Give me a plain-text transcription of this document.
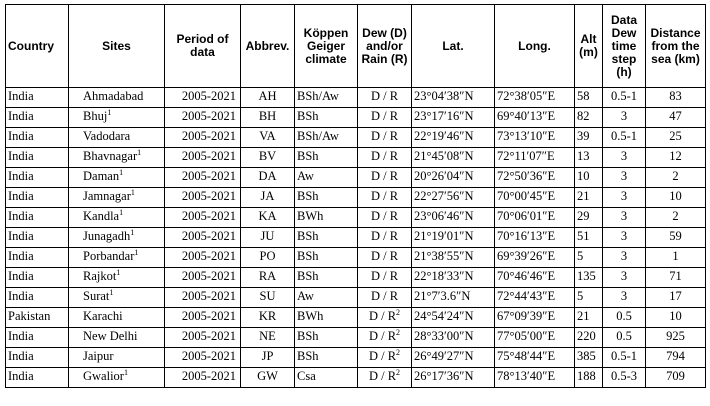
Country	Sites	Period of data	Abbrev.	Köppen Geiger climate	Dew (D) and/or Rain (R)	Lat.	Long.	Alt (m)	Data Dew time step (h)	Distance from the sea (km)
India	Ahmadabad	2005-2021	AH	BSh/Aw	D / R	23°04′38″N	72°38′05″E	58	0.5-1	83
India	Bhuj$^1$	2005-2021	BH	BSh	D / R	23°17′16″N	69°40′13″E	82	3	47
India	Vadodara	2005-2021	VA	BSh/Aw	D / R	22°19′46″N	73°13′10″E	39	0.5-1	25
India	Bhavnagar$^1$	2005-2021	BV	BSh	D / R	21°45′08″N	72°11′07″E	13	3	12
India	Daman$^1$	2005-2021	DA	Aw	D / R	20°26′04″N	72°50′36″E	10	3	2
India	Jamnagar$^1$	2005-2021	JA	BSh	D / R	22°27′56″N	70°00′45″E	21	3	10
India	Kandla$^1$	2005-2021	KA	BWh	D / R	23°06′46″N	70°06′01″E	29	3	2
India	Junagadh$^1$	2005-2021	JU	BSh	D / R	21°19′01″N	70°16′13″E	51	3	59
India	Porbandar$^1$	2005-2021	PO	BSh	D / R	21°38′55″N	69°39′26″E	5	3	1
India	Rajkot$^1$	2005-2021	RA	BSh	D / R	22°18′33″N	70°46′46″E	135	3	71
India	Surat$^1$	2005-2021	SU	Aw	D / R	21°7′3.6″N	72°44′43″E	5	3	17
Pakistan	Karachi	2005-2021	KR	BWh	D / $R^2$	24°54′24″N	67°09′39″E	21	0.5	10
India	New Delhi	2005-2021	NE	BSh	D / $R^2$	28°33′00″N	77°05′00″E	220	0.5	925
India	Jaipur	2005-2021	JP	BSh	D / $R^2$	26°49′27″N	75°48′44″E	385	0.5-1	794
India	Gwalior$^1$	2005-2021	GW	Csa	D / $R^2$	26°17′36″N	78°13′40″E	188	0.5-3	709
